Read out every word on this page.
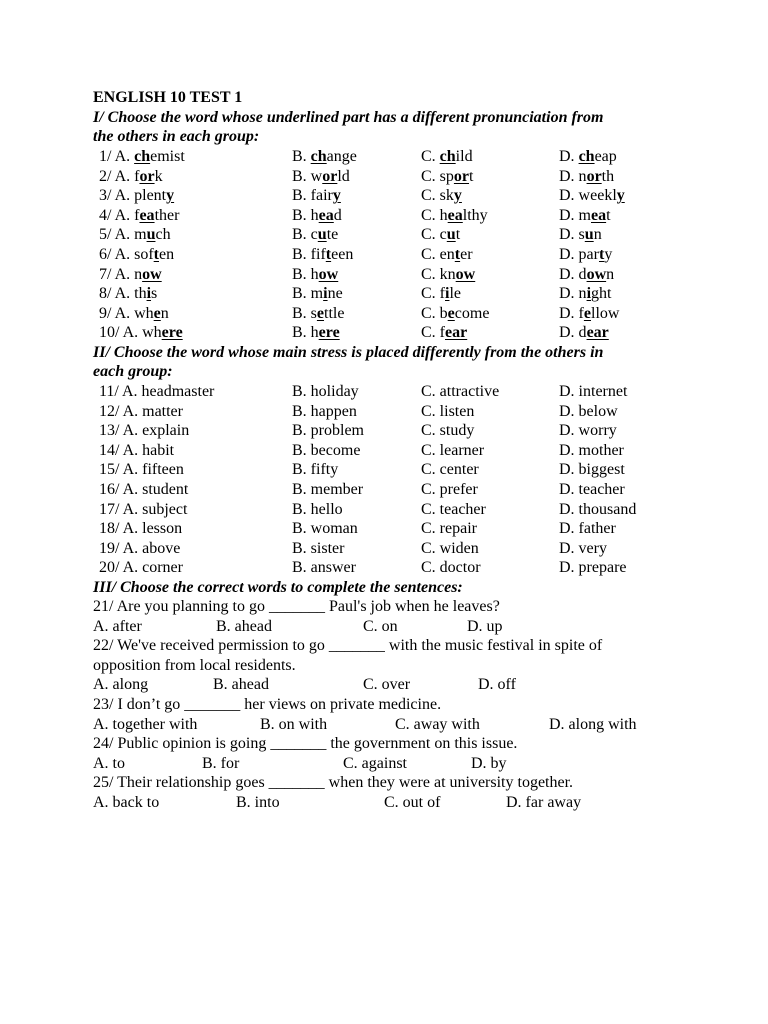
ENGLISH 10 TEST 1
I/ Choose the word whose underlined part has a different pronunciation from
the others in each group:
1/ A. chemist	B. change	C. child	D. cheap
2/ A. fork	B. world	C. sport	D. north
3/ A. plenty	B. fairy	C. sky	D. weekly
4/ A. feather	B. head	C. healthy	D. meat
5/ A. much	B. cute	C. cut	D. sun
6/ A. soften	B. fifteen	C. enter	D. party
7/ A. now	B. how	C. know	D. down
8/ A. this	B. mine	C. file	D. night
9/ A. when	B. settle	C. become	D. fellow
10/ A. where	B. here	C. fear	D. dear
II/ Choose the word whose main stress is placed differently from the others in
each group:
11/ A. headmaster	B. holiday	C. attractive	D. internet
12/ A. matter	B. happen	C. listen	D. below
13/ A. explain	B. problem	C. study	D. worry
14/ A. habit	B. become	C. learner	D. mother
15/ A. fifteen	B. fifty	C. center	D. biggest
16/ A. student	B. member	C. prefer	D. teacher
17/ A. subject	B. hello	C. teacher	D. thousand
18/ A. lesson	B. woman	C. repair	D. father
19/ A. above	B. sister	C. widen	D. very
20/ A. corner	B. answer	C. doctor	D. prepare
III/ Choose the correct words to complete the sentences:
21/ Are you planning to go _______ Paul's job when he leaves?
A. after	B. ahead	C. on	D. up
22/ We've received permission to go _______ with the music festival in spite of
opposition from local residents.
A. along	B. ahead	C. over	D. off
23/ I don’t go _______ her views on private medicine.
A. together with	B. on with	C. away with	D. along with
24/ Public opinion is going _______ the government on this issue.
A. to	B. for	C. against	D. by
25/ Their relationship goes _______ when they were at university together.
A. back to	B. into	C. out of	D. far away
